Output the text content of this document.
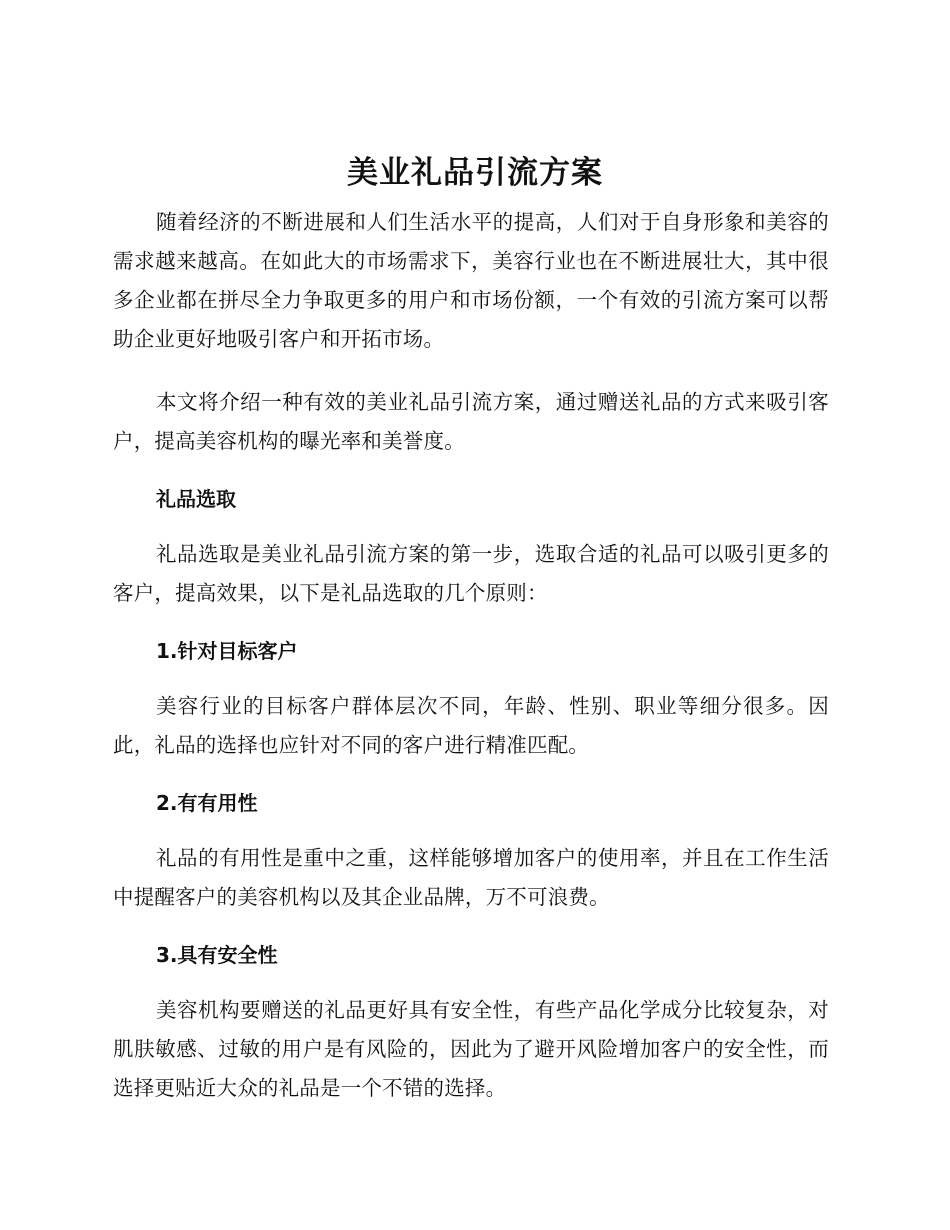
美业礼品引流方案

随着经济的不断进展和人们生活水平的提高，人们对于自身形象和美容的需求越来越高。在如此大的市场需求下，美容行业也在不断进展壮大，其中很多企业都在拼尽全力争取更多的用户和市场份额，一个有效的引流方案可以帮助企业更好地吸引客户和开拓市场。

本文将介绍一种有效的美业礼品引流方案，通过赠送礼品的方式来吸引客户，提高美容机构的曝光率和美誉度。

礼品选取

礼品选取是美业礼品引流方案的第一步，选取合适的礼品可以吸引更多的客户，提高效果，以下是礼品选取的几个原则：

1.针对目标客户

美容行业的目标客户群体层次不同，年龄、性别、职业等细分很多。因此，礼品的选择也应针对不同的客户进行精准匹配。

2.有有用性

礼品的有用性是重中之重，这样能够增加客户的使用率，并且在工作生活中提醒客户的美容机构以及其企业品牌，万不可浪费。

3.具有安全性

美容机构要赠送的礼品更好具有安全性，有些产品化学成分比较复杂，对肌肤敏感、过敏的用户是有风险的，因此为了避开风险增加客户的安全性，而选择更贴近大众的礼品是一个不错的选择。
